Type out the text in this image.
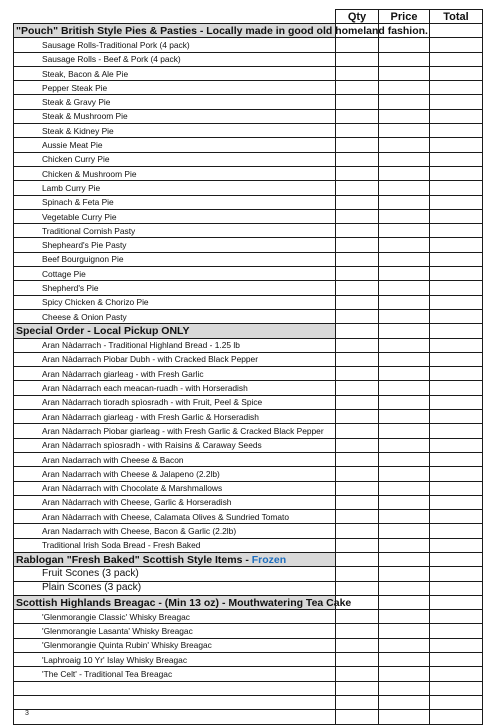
	Qty	Price	Total
"Pouch" British Style Pies & Pasties - Locally made in good old homeland fashion.			
Sausage Rolls-Traditional Pork (4 pack)			
Sausage Rolls - Beef & Pork (4 pack)			
Steak, Bacon & Ale Pie			
Pepper Steak Pie			
Steak & Gravy Pie			
Steak & Mushroom Pie			
Steak & Kidney Pie			
Aussie Meat Pie			
Chicken Curry Pie			
Chicken & Mushroom Pie			
Lamb Curry Pie			
Spinach & Feta Pie			
Vegetable Curry Pie			
Traditional Cornish Pasty			
Shepheard's Pie Pasty			
Beef Bourguignon Pie			
Cottage Pie			
Shepherd's Pie			
Spicy Chicken & Chorizo Pie			
Cheese & Onion Pasty			
Special Order - Local Pickup ONLY			
Aran Nàdarrach - Traditional Highland Bread - 1.25 lb			
Aran Nàdarrach Piobar Dubh - with Cracked Black Pepper			
Aran Nàdarrach giarleag - with Fresh Garlic			
Aran Nàdarrach each meacan-ruadh - with Horseradish			
Aran Nàdarrach tioradh spìosradh - with Fruit, Peel & Spice			
Aran Nàdarrach giarleag - with Fresh Garlic & Horseradish			
Aran Nàdarrach Piobar giarleag - with Fresh Garlic & Cracked Black Pepper			
Aran Nàdarrach spìosradh - with Raisins & Caraway Seeds			
Aran Nadarrach with Cheese & Bacon			
Aran Nadarrach with Cheese & Jalapeno (2.2lb)			
Aran Nàdarrach with Chocolate & Marshmallows			
Aran Nàdarrach with Cheese, Garlic & Horseradish			
Aran Nàdarrach with Cheese, Calamata Olives & Sundried Tomato			
Aran Nadarrach with Cheese, Bacon & Garlic (2.2lb)			
Traditional Irish Soda Bread - Fresh Baked			
Rablogan "Fresh Baked" Scottish Style Items - Frozen			
Fruit Scones (3 pack)			
Plain Scones (3 pack)			
Scottish Highlands Breagac - (Min 13 oz) - Mouthwatering Tea Cake			
'Glenmorangie Classic' Whisky Breagac			
'Glenmorangie Lasanta' Whisky Breagac			
'Glenmorangie Quinta Rubin' Whisky Breagac			
'Laphroaig 10 Yr' Islay Whisky Breagac			
'The Celt' - Traditional Tea Breagac			

3
